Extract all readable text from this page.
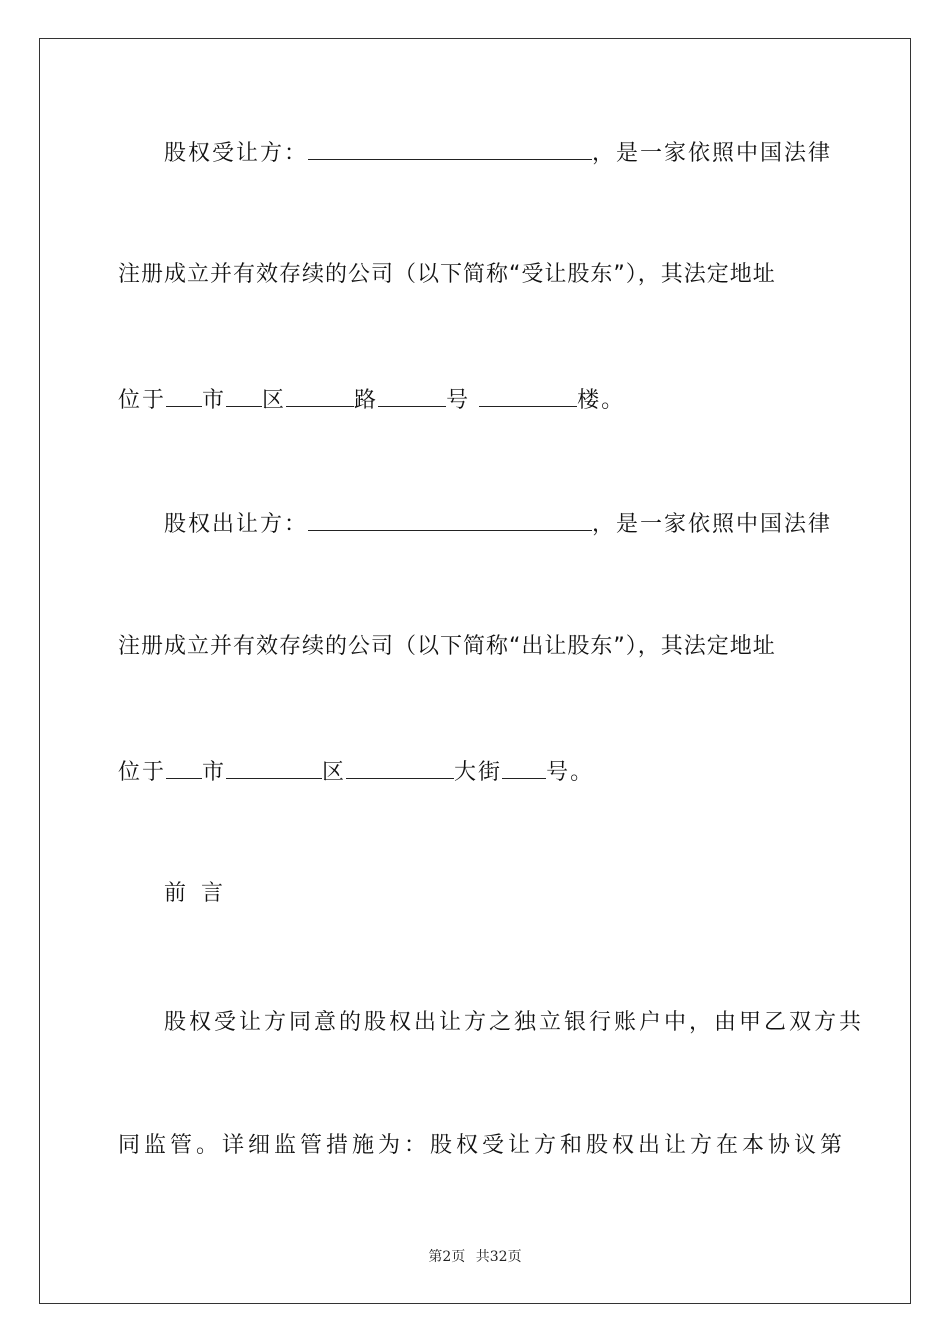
股权受让方：	，是一家依照中国法律
注册成立并有效存续的公司（以下简称“受让股东”），其法定地址
位于 市 区	路	号	楼。
股权出让方：	，是一家依照中国法律
注册成立并有效存续的公司（以下简称“出让股东”），其法定地址
位于 市	区	大街 号。
前 言
股权受让方同意的股权出让方之独立银行账户中，由甲乙双方共
同监管。详细监管措施为：股权受让方和股权出让方在本协议第
第2页 共32页
